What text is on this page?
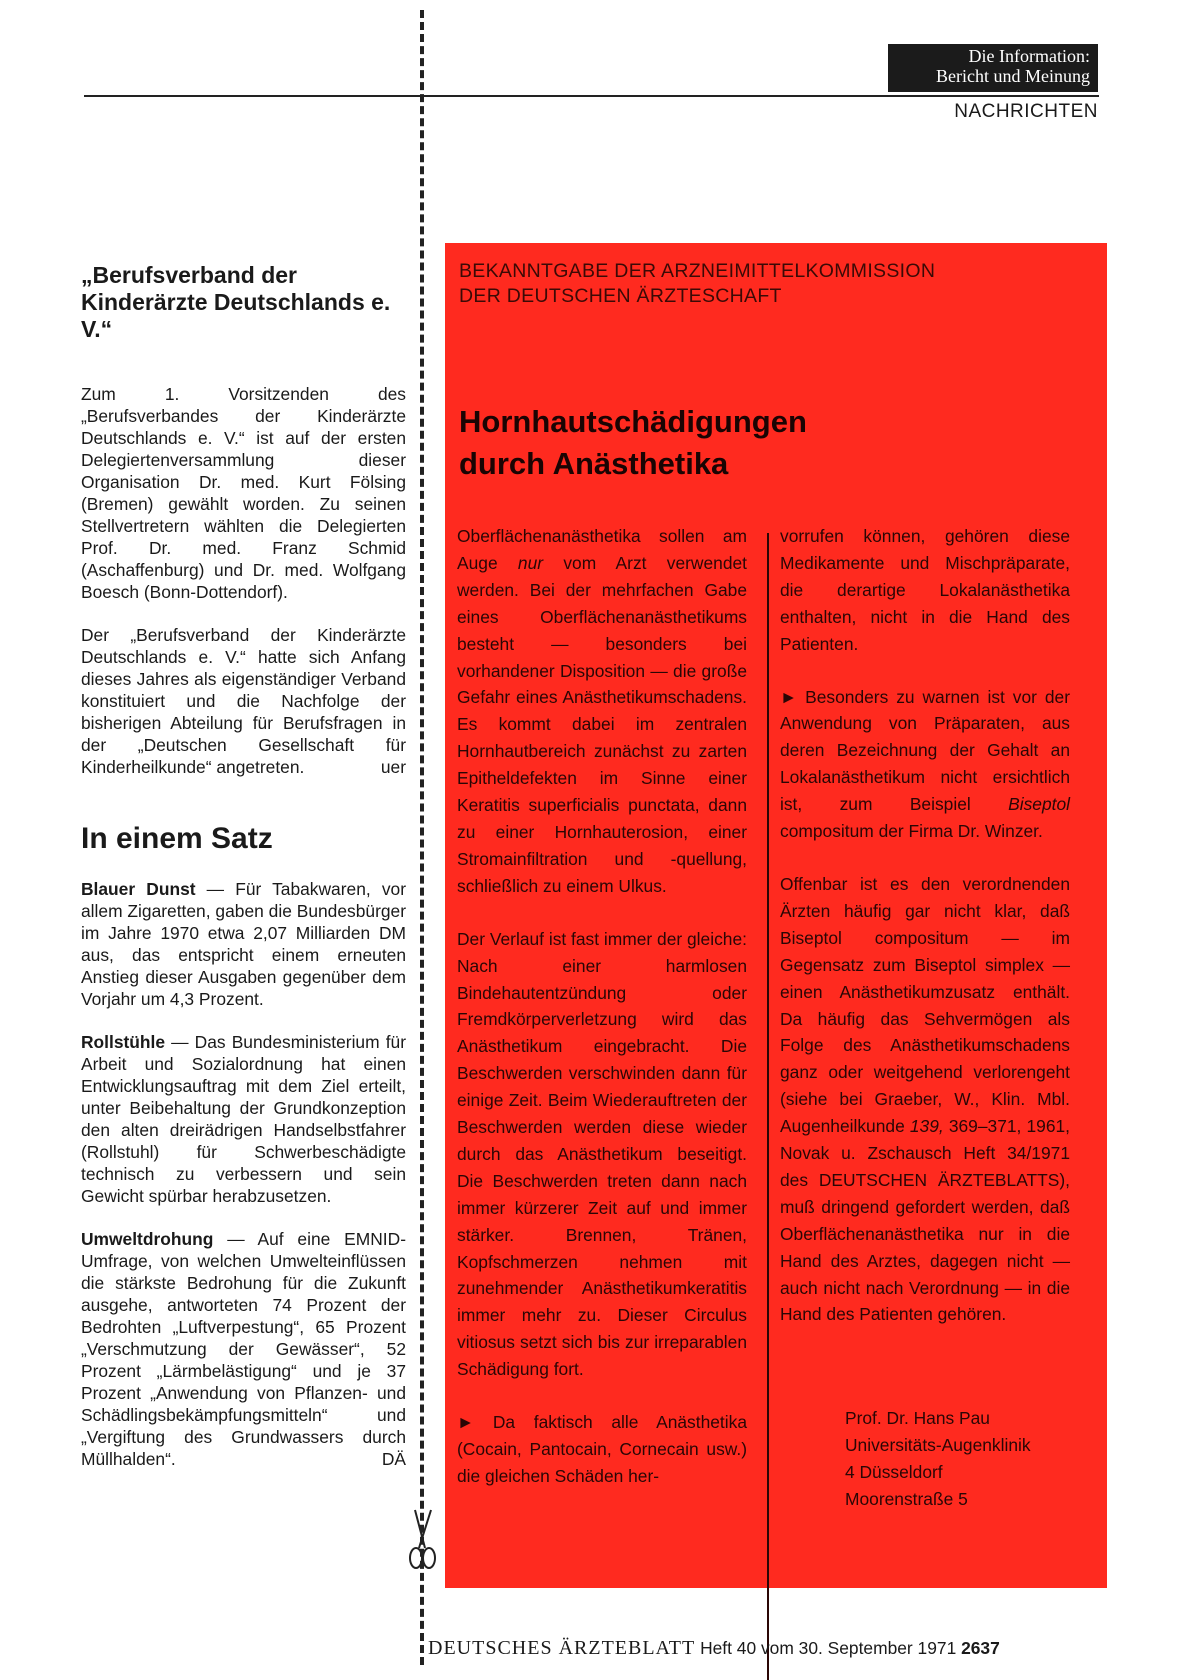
Die Information:
Bericht und Meinung
NACHRICHTEN
„Berufsverband der Kinderärzte Deutschlands e. V.“

Zum 1. Vorsitzenden des „Berufsverbandes der Kinderärzte Deutschlands e. V.“ ist auf der ersten Delegiertenversammlung dieser Organisation Dr. med. Kurt Fölsing (Bremen) gewählt worden. Zu seinen Stellvertretern wählten die Delegierten Prof. Dr. med. Franz Schmid (Aschaffenburg) und Dr. med. Wolfgang Boesch (Bonn-Dottendorf).

Der „Berufsverband der Kinderärzte Deutschlands e. V.“ hatte sich Anfang dieses Jahres als eigenständiger Verband konstituiert und die Nachfolge der bisherigen Abteilung für Berufsfragen in der „Deutschen Gesellschaft für Kinderheilkunde“ angetreten.	uer

In einem Satz

Blauer Dunst — Für Tabakwaren, vor allem Zigaretten, gaben die Bundesbürger im Jahre 1970 etwa 2,07 Milliarden DM aus, das entspricht einem erneuten Anstieg dieser Ausgaben gegenüber dem Vorjahr um 4,3 Prozent.

Rollstühle — Das Bundesministerium für Arbeit und Sozialordnung hat einen Entwicklungsauftrag mit dem Ziel erteilt, unter Beibehaltung der Grundkonzeption den alten dreirädrigen Handselbstfahrer (Rollstuhl) für Schwerbeschädigte technisch zu verbessern und sein Gewicht spürbar herabzusetzen.

Umweltdrohung — Auf eine EMNID-Umfrage, von welchen Umwelteinflüssen die stärkste Bedrohung für die Zukunft ausgehe, antworteten 74 Prozent der Bedrohten „Luftverpestung“, 65 Prozent „Verschmutzung der Gewässer“, 52 Prozent „Lärmbelästigung“ und je 37 Prozent „Anwendung von Pflanzen- und Schädlingsbekämpfungsmitteln“ und „Vergiftung des Grundwassers durch Müllhalden“.	DÄ

BEKANNTGABE DER ARZNEIMITTELKOMMISSION
DER DEUTSCHEN ÄRZTESCHAFT
Hornhautschädigungen
durch Anästhetika

Oberflächenanästhetika sollen am Auge nur vom Arzt verwendet werden. Bei der mehrfachen Gabe eines Oberflächenanästhetikums besteht — besonders bei vorhandener Disposition — die große Gefahr eines Anästhetikumschadens. Es kommt dabei im zentralen Hornhautbereich zunächst zu zarten Epitheldefekten im Sinne einer Keratitis superficialis punctata, dann zu einer Hornhauterosion, einer Stromainfiltration und -quellung, schließlich zu einem Ulkus.

Der Verlauf ist fast immer der gleiche:

Nach einer harmlosen Bindehautentzündung oder Fremdkörperverletzung wird das Anästhetikum eingebracht. Die Beschwerden verschwinden dann für einige Zeit. Beim Wiederauftreten der Beschwerden werden diese wieder durch das Anästhetikum beseitigt. Die Beschwerden treten dann nach immer kürzerer Zeit auf und immer stärker. Brennen, Tränen, Kopfschmerzen nehmen mit zunehmender Anästhetikumkeratitis immer mehr zu. Dieser Circulus vitiosus setzt sich bis zur irreparablen Schädigung fort.

► Da faktisch alle Anästhetika (Cocain, Pantocain, Cornecain usw.) die gleichen Schäden her-

vorrufen können, gehören diese Medikamente und Mischpräparate, die derartige Lokalanästhetika enthalten, nicht in die Hand des Patienten.

► Besonders zu warnen ist vor der Anwendung von Präparaten, aus deren Bezeichnung der Gehalt an Lokalanästhetikum nicht ersichtlich ist, zum Beispiel Biseptol compositum der Firma Dr. Winzer.

Offenbar ist es den verordnenden Ärzten häufig gar nicht klar, daß Biseptol compositum — im Gegensatz zum Biseptol simplex — einen Anästhetikumzusatz enthält. Da häufig das Sehvermögen als Folge des Anästhetikumschadens ganz oder weitgehend verlorengeht (siehe bei Graeber, W., Klin. Mbl. Augenheilkunde 139, 369–371, 1961, Novak u. Zschausch Heft 34/1971 des DEUTSCHEN ÄRZTEBLATTS), muß dringend gefordert werden, daß Oberflächenanästhetika nur in die Hand des Arztes, dagegen nicht — auch nicht nach Verordnung — in die Hand des Patienten gehören.

Prof. Dr. Hans Pau
Universitäts-Augenklinik
4 Düsseldorf
Moorenstraße 5
DEUTSCHES ÄRZTEBLATT Heft 40 vom 30. September 1971 2637
